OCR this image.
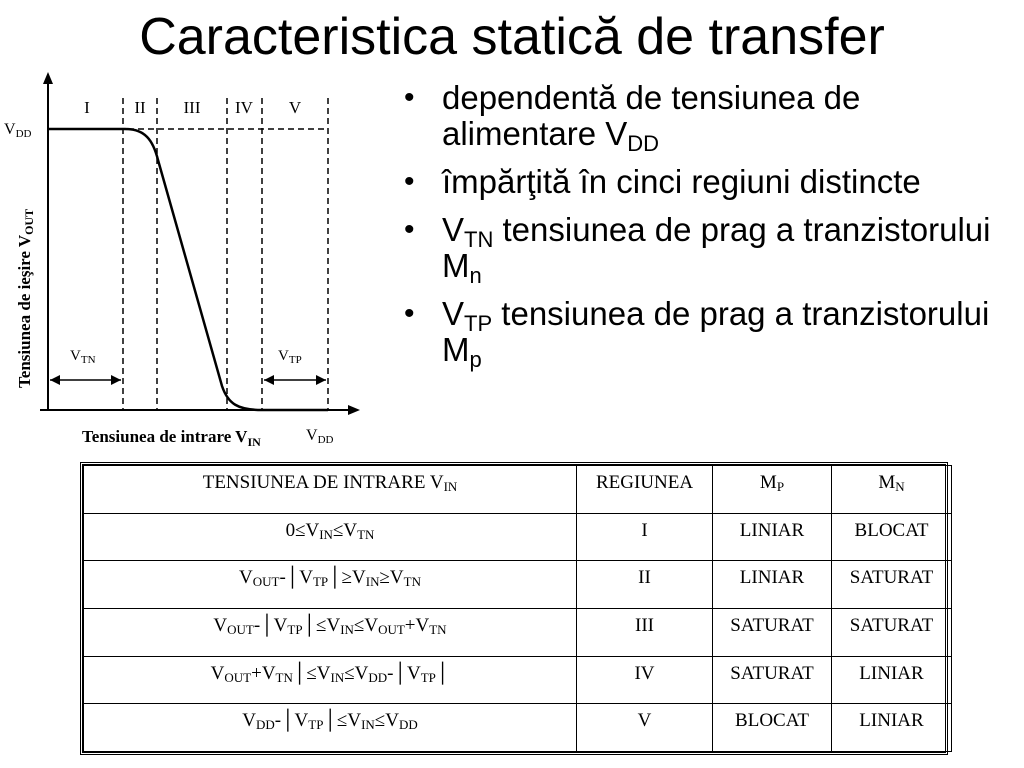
Caracteristica statică de transfer
I	II III IV V
VDD
Tensiunea de ieşire VOUT
$V_{TN}$	$V_{TP}$
Tensiunea de intrare $V_{IN}$	VDD
• dependentă de tensiunea de alimentare $V_{DD}$
• împărţită în cinci regiuni distincte
• $V_{TN}$ tensiunea de prag a tranzistorului $M_n$
• $V_{TP}$ tensiunea de prag a tranzistorului $M_p$
TENSIUNEA DE INTRARE $V_{IN}$	REGIUNEA	$M_P$	$M_N$
$0\le V_{IN}\le V_{TN}$	I	LINIAR	BLOCAT
$V_{OUT}-│V_{TP}│\ge V_{IN}\ge V_{TN}$	II	LINIAR	SATURAT
$V_{OUT}-│V_{TP}│\le V_{IN}\le V_{OUT}+V_{TN}$	III	SATURAT	SATURAT
$V_{OUT}+V_{TN}│\le V_{IN}\le V_{DD}-│V_{TP}│$	IV	SATURAT	LINIAR
$V_{DD}-│V_{TP}│\le V_{IN}\le V_{DD}$	V	BLOCAT	LINIAR
